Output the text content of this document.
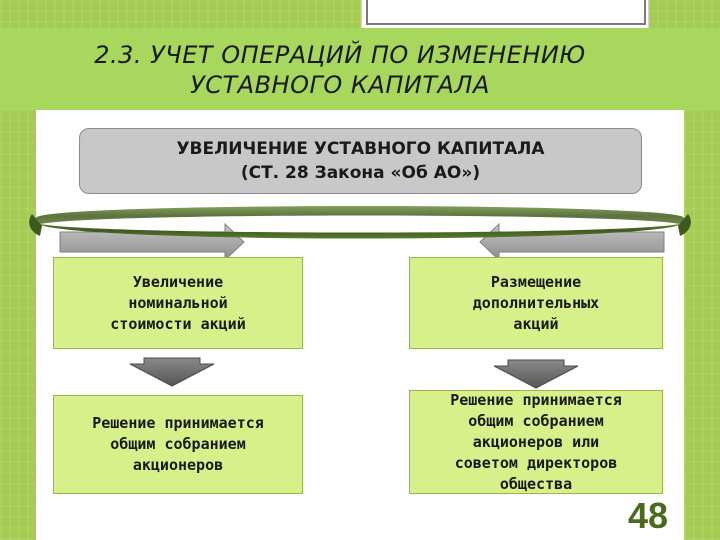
2.3. УЧЕТ ОПЕРАЦИЙ ПО ИЗМЕНЕНИЮ
УСТАВНОГО КАПИТАЛА
УВЕЛИЧЕНИЕ УСТАВНОГО КАПИТАЛА
(СТ. 28 Закона «Об АО»)
Увеличение
номинальной
стоимости акций
Размещение
дополнительных
акций
Решение принимается
общим собранием
акционеров
Решение принимается
общим собранием
акционеров или
советом директоров
общества
48
